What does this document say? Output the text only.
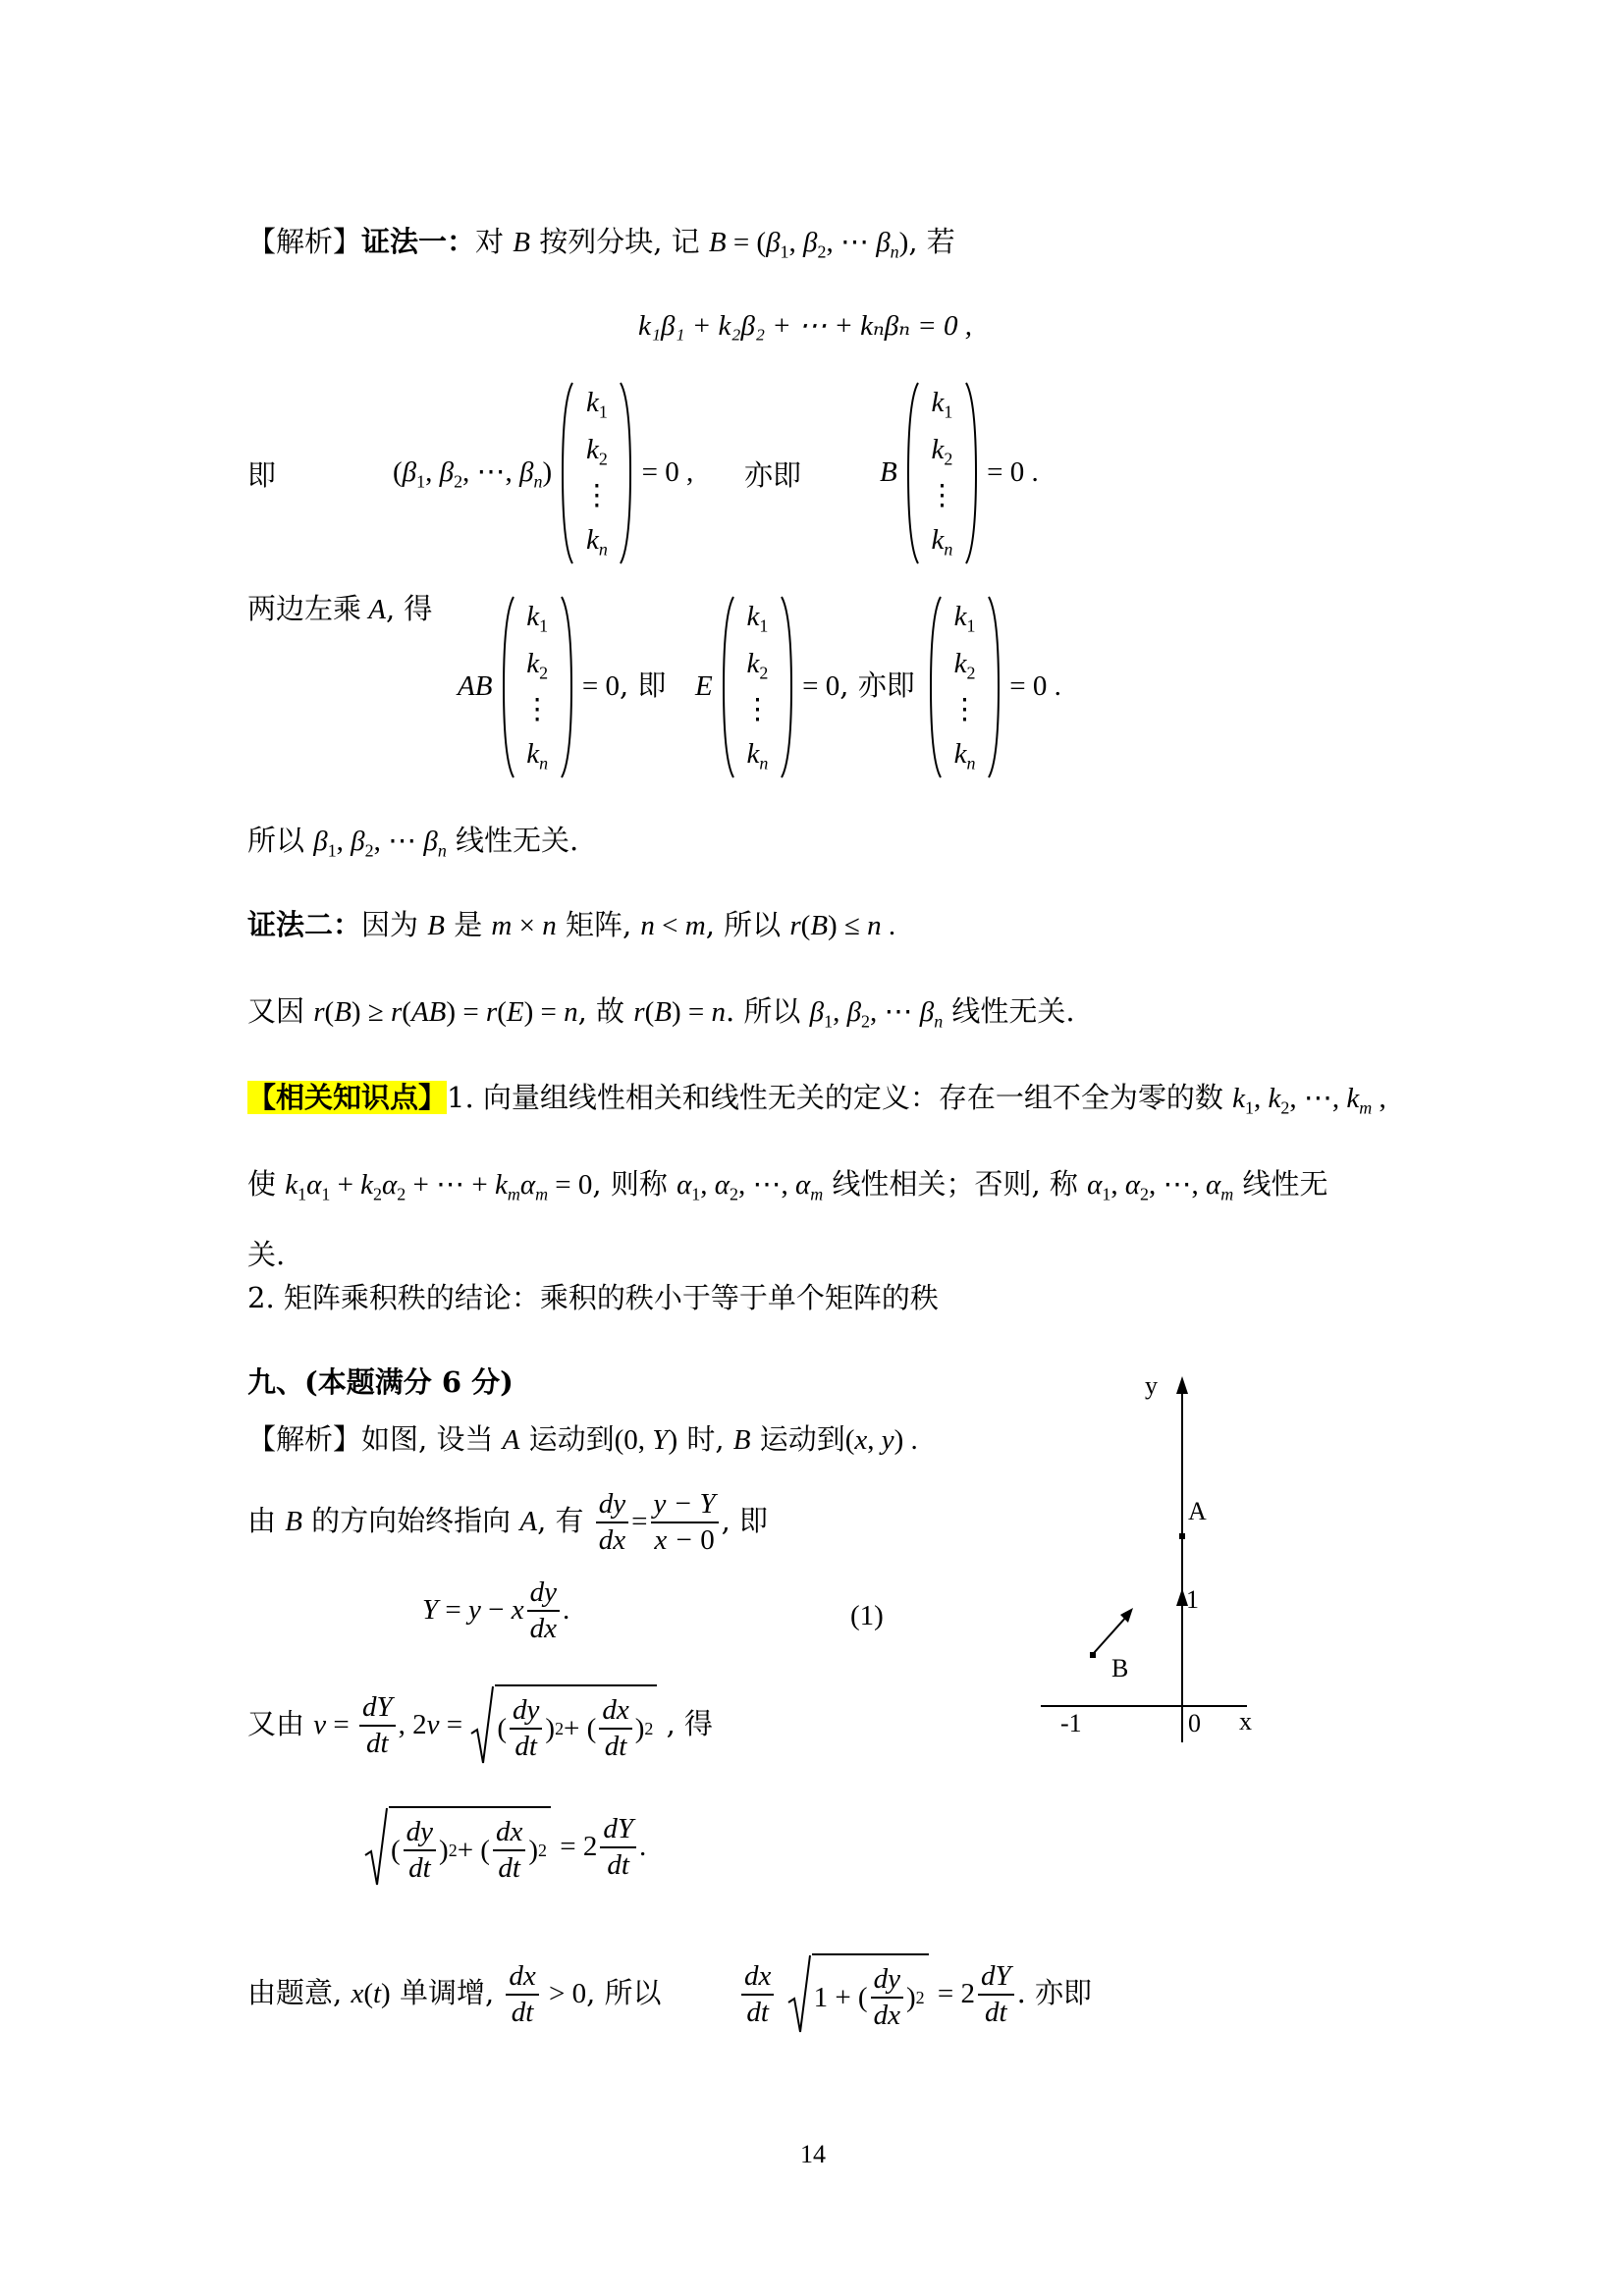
【解析】证法一：对 B 按列分块, 记 $B = (\beta_1$, $\beta_2$, ⋯ $\beta_n$), 若
k₁β₁ + k₂β₂ + ⋯ + kₙβₙ = 0 ,
即	($\beta_1$, $\beta_2$, ⋯, $\beta_n$)
$k_1$
$k_2$
⋮
$k_n$
= 0 , 亦即	B
$k_1$
$k_2$
⋮
$k_n$
= 0 .
两边左乘 A, 得
AB
$k_1$
$k_2$
⋮
$k_n$
= 0, 即 E
$k_1$
$k_2$
⋮
$k_n$
= 0, 亦即
$k_1$
$k_2$
⋮
$k_n$
= 0 .
所以 $\beta_1$, $\beta_2$, ⋯ $\beta_n$ 线性无关.
证法二：因为 B 是 m × n 矩阵, n < m, 所以 r(B) ≤ n .
又因 r(B) ≥ r(AB) = r(E) = n, 故 r(B) = n. 所以 $\beta_1$, $\beta_2$, ⋯ $\beta_n$ 线性无关.
【相关知识点】1. 向量组线性相关和线性无关的定义：存在一组不全为零的数 $k_1$, $k_2$, ⋯, $k_m$ ,
使 $k_1\alpha_1 + k_2\alpha_2$ + ⋯ + $k_m\alpha_m = 0$, 则称 $\alpha_1$, $\alpha_2$, ⋯, $\alpha_m$ 线性相关；否则, 称 $\alpha_1$, $\alpha_2$, ⋯, $\alpha_m$ 线性无
关.
2. 矩阵乘积秩的结论：乘积的秩小于等于单个矩阵的秩
九、(本题满分 6 分)
【解析】如图, 设当 A 运动到(0, Y) 时, B 运动到(x, y) .
由 B 的方向始终指向 A, 有 $\frac{dy}{dx} = \frac{y - Y}{x - 0}$ , 即
Y = y − x $\frac{dy}{dx}$ .	(1)
又由 $v = \frac{dY}{dt}$ , 2v = ( $\frac{dy}{dt}$ ) 2 + ( $\frac{dx}{dt}$ ) 2 , 得
( $\frac{dy}{dt}$ ) 2 + ( $\frac{dx}{dt}$ ) $2 = 2 \frac{dY}{dt}$ .
由题意, x(t) 单调增, $\frac{dx}{dt} > 0$, 所以	$\frac{dx}{dt}$
1 + ( $\frac{dy}{dx}$ ) $2 = 2 \frac{dY}{dt}$ . 亦即
y
x
A
B
1
-1	0
14
